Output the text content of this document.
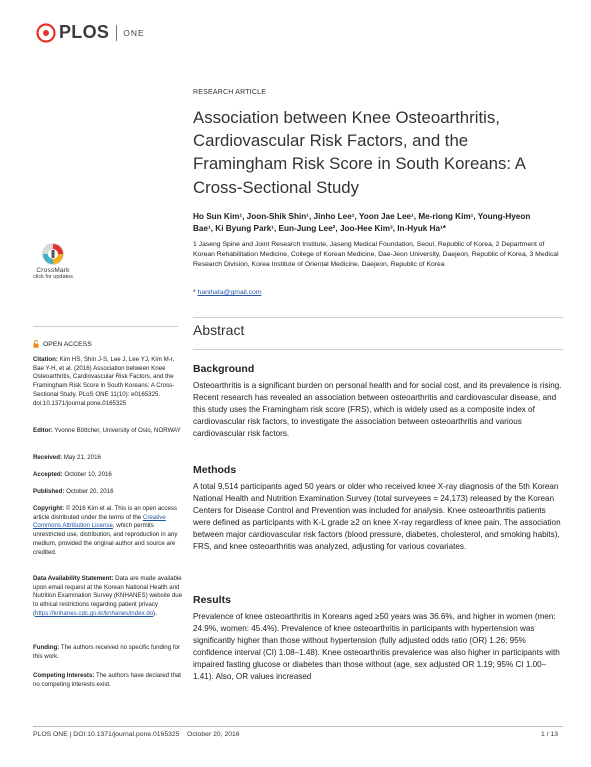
PLOS ONE
RESEARCH ARTICLE
Association between Knee Osteoarthritis, Cardiovascular Risk Factors, and the Framingham Risk Score in South Koreans: A Cross-Sectional Study
Ho Sun Kim¹, Joon-Shik Shin¹, Jinho Lee¹, Yoon Jae Lee¹, Me-riong Kim¹, Young-Hyeon Bae¹, Ki Byung Park¹, Eun-Jung Lee², Joo-Hee Kim³, In-Hyuk Ha¹*
1 Jaseng Spine and Joint Research Institute, Jaseng Medical Foundation, Seoul, Republic of Korea, 2 Department of Korean Rehabilitation Medicine, College of Korean Medicine, Dae-Jeon University, Daejeon, Republic of Korea, 3 Medical Research Division, Korea Institute of Oriental Medicine, Daejeon, Republic of Korea
* hanihata@gmail.com
Abstract
Background
Osteoarthritis is a significant burden on personal health and for social cost, and its prevalence is rising. Recent research has revealed an association between osteoarthritis and cardiovascular disease, and this study uses the Framingham risk score (FRS), which is widely used as a composite index of cardiovascular risk factors, to investigate the association between osteoarthritis and various cardiovascular risk factors.
Methods
A total 9,514 participants aged 50 years or older who received knee X-ray diagnosis of the 5th Korean National Health and Nutrition Examination Survey (total surveyees = 24,173) released by the Korean Centers for Disease Control and Prevention was included for analysis. Knee osteoarthritis patients were defined as participants with K-L grade ≥2 on knee X-ray regardless of knee pain. The association between major cardiovascular risk factors (blood pressure, diabetes, cholesterol, and smoking habits), FRS, and knee osteoarthritis was analyzed, adjusting for various covariates.
Results
Prevalence of knee osteoarthritis in Koreans aged ≥50 years was 36.6%, and higher in women (men: 24.9%, women: 45.4%). Prevalence of knee osteoarthritis in participants with hypertension was significantly higher than those without hypertension (fully adjusted odds ratio (OR) 1.26; 95% confidence interval (CI) 1.08–1.48). Knee osteoarthritis prevalence was also higher in participants with impaired fasting glucose or diabetes than those without (age, sex adjusted OR 1.19; 95% CI 1.00–1.41). Also, OR values increased
CrossMark
click for updates
OPEN ACCESS
Citation: Kim HS, Shin J-S, Lee J, Lee YJ, Kim M-r, Bae Y-H, et al. (2016) Association between Knee Osteoarthritis, Cardiovascular Risk Factors, and the Framingham Risk Score in South Koreans: A Cross-Sectional Study. PLoS ONE 11(10): e0165325. doi:10.1371/journal.pone.0165325
Editor: Yvonne Böttcher, University of Oslo, NORWAY
Received: May 21, 2016
Accepted: October 10, 2016
Published: October 20, 2016
Copyright: © 2016 Kim et al. This is an open access article distributed under the terms of the Creative Commons Attribution License, which permits unrestricted use, distribution, and reproduction in any medium, provided the original author and source are credited.
Data Availability Statement: Data are made available upon email request at the Korean National Health and Nutrition Examination Survey (KNHANES) website due to ethical restrictions regarding patient privacy (https://knhanes.cdc.go.kr/knhanes/index.do).
Funding: The authors received no specific funding for this work.
Competing Interests: The authors have declared that no competing interests exist.
PLOS ONE | DOI:10.1371/journal.pone.0165325    October 20, 2016	1 / 13
